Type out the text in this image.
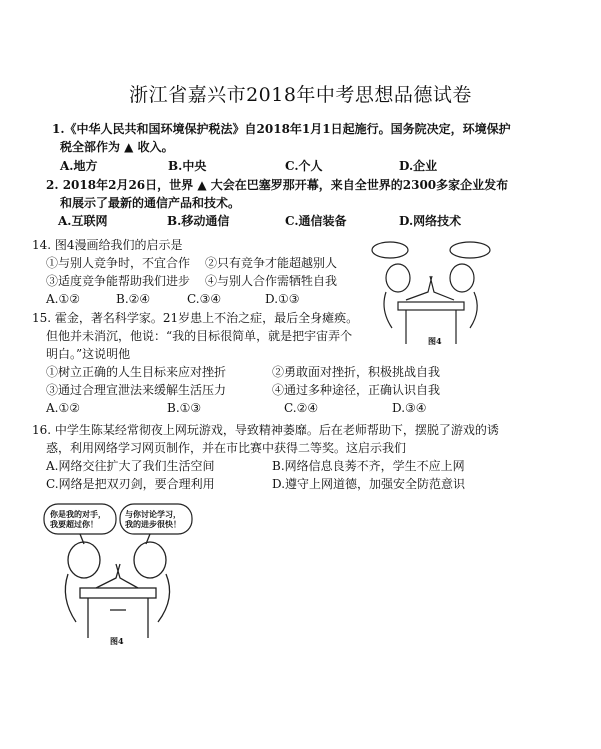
浙江省嘉兴市2018年中考思想品德试卷
1.《中华人民共和国环境保护税法》自2018年1月1日起施行。国务院决定，环境保护
税全部作为 ▲ 收入。
A.地方	B.中央	C.个人	D.企业
2. 2018年2月26日，世界 ▲ 大会在巴塞罗那开幕，来自全世界的2300多家企业发布
和展示了最新的通信产品和技术。
A.互联网	B.移动通信	C.通信装备	D.网络技术
14. 图4漫画给我们的启示是
①与别人竞争时，不宜合作 ②只有竞争才能超越别人
③适度竞争能帮助我们进步 ④与别人合作需牺牲自我
A.①②	B.②④	C.③④	D.①③
图4
15. 霍金，著名科学家。21岁患上不治之症，最后全身瘫痪。
但他并未消沉，他说：“我的目标很简单，就是把宇宙弄个
明白。”这说明他
①树立正确的人生目标来应对挫折	②勇敢面对挫折，积极挑战自我
③通过合理宣泄法来缓解生活压力	④通过多种途径，正确认识自我
A.①②	B.①③	C.②④	D.③④
16. 中学生陈某经常彻夜上网玩游戏，导致精神萎靡。后在老师帮助下，摆脱了游戏的诱
惑，利用网络学习网页制作，并在市比赛中获得二等奖。这启示我们
A.网络交往扩大了我们生活空间	B.网络信息良莠不齐，学生不应上网
C.网络是把双刃剑，要合理利用	D.遵守上网道德，加强安全防范意识
你是我的对手，
我要超过你！
与你讨论学习，
我的进步很快！
图4
